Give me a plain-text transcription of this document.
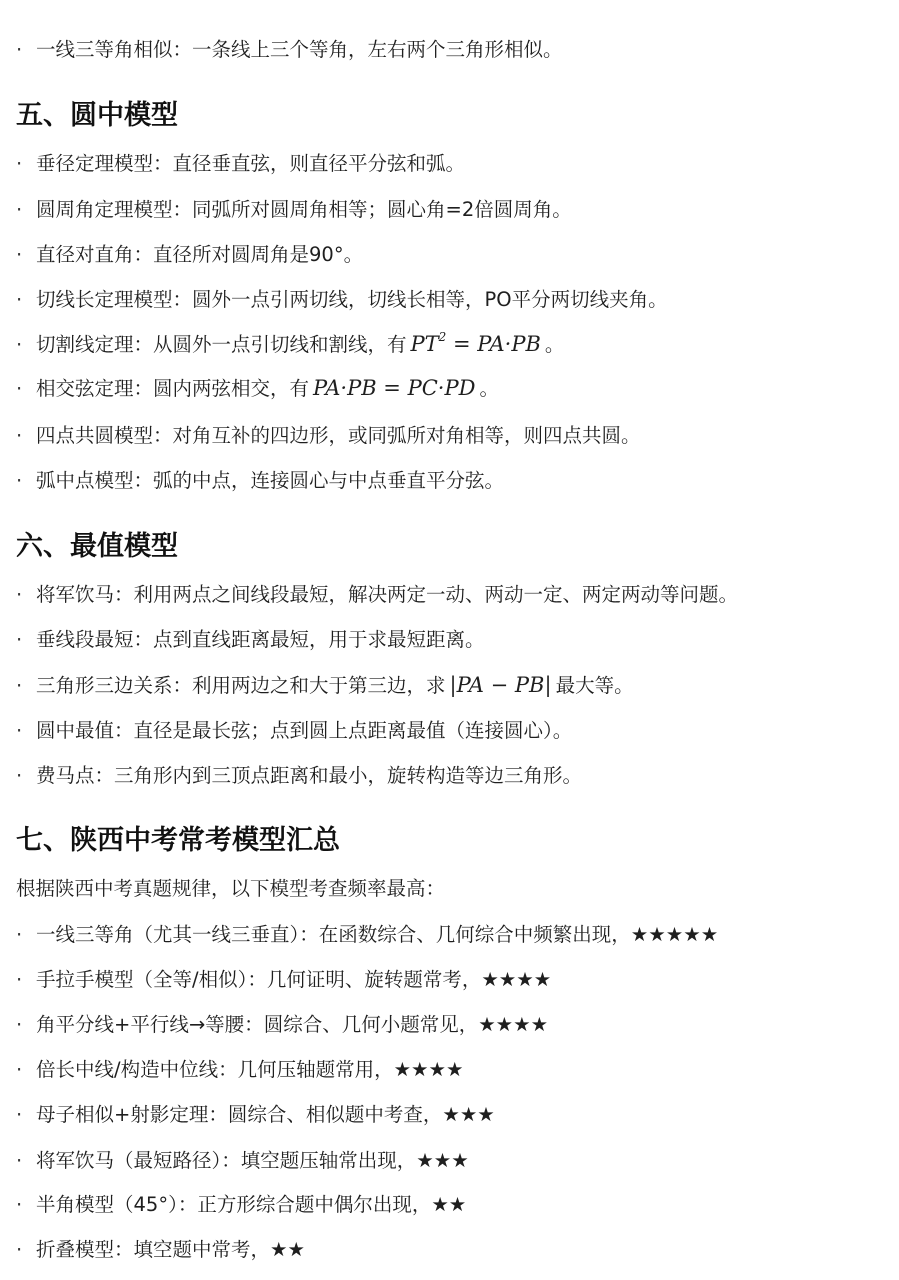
· 一线三等角相似：一条线上三个等角，左右两个三角形相似。
五、圆中模型
· 垂径定理模型：直径垂直弦，则直径平分弦和弧。
· 圆周角定理模型：同弧所对圆周角相等；圆心角=2倍圆周角。
· 直径对直角：直径所对圆周角是90°。
· 切线长定理模型：圆外一点引两切线，切线长相等，PO平分两切线夹角。
· 切割线定理：从圆外一点引切线和割线，有 $PT^2 = PA\cdot PB$ 。
· 相交弦定理：圆内两弦相交，有 PA·PB = PC·PD 。
· 四点共圆模型：对角互补的四边形，或同弧所对角相等，则四点共圆。
· 弧中点模型：弧的中点，连接圆心与中点垂直平分弦。
六、最值模型
· 将军饮马：利用两点之间线段最短，解决两定一动、两动一定、两定两动等问题。
· 垂线段最短：点到直线距离最短，用于求最短距离。
· 三角形三边关系：利用两边之和大于第三边，求 |PA − PB| 最大等。
· 圆中最值：直径是最长弦；点到圆上点距离最值（连接圆心）。
· 费马点：三角形内到三顶点距离和最小，旋转构造等边三角形。
七、陕西中考常考模型汇总
根据陕西中考真题规律，以下模型考查频率最高：
· 一线三等角（尤其一线三垂直）：在函数综合、几何综合中频繁出现，★★★★★
· 手拉手模型（全等/相似）：几何证明、旋转题常考，★★★★
· 角平分线+平行线→等腰：圆综合、几何小题常见，★★★★
· 倍长中线/构造中位线：几何压轴题常用，★★★★
· 母子相似+射影定理：圆综合、相似题中考查，★★★
· 将军饮马（最短路径）：填空题压轴常出现，★★★
· 半角模型（45°）：正方形综合题中偶尔出现，★★
· 折叠模型：填空题中常考，★★
